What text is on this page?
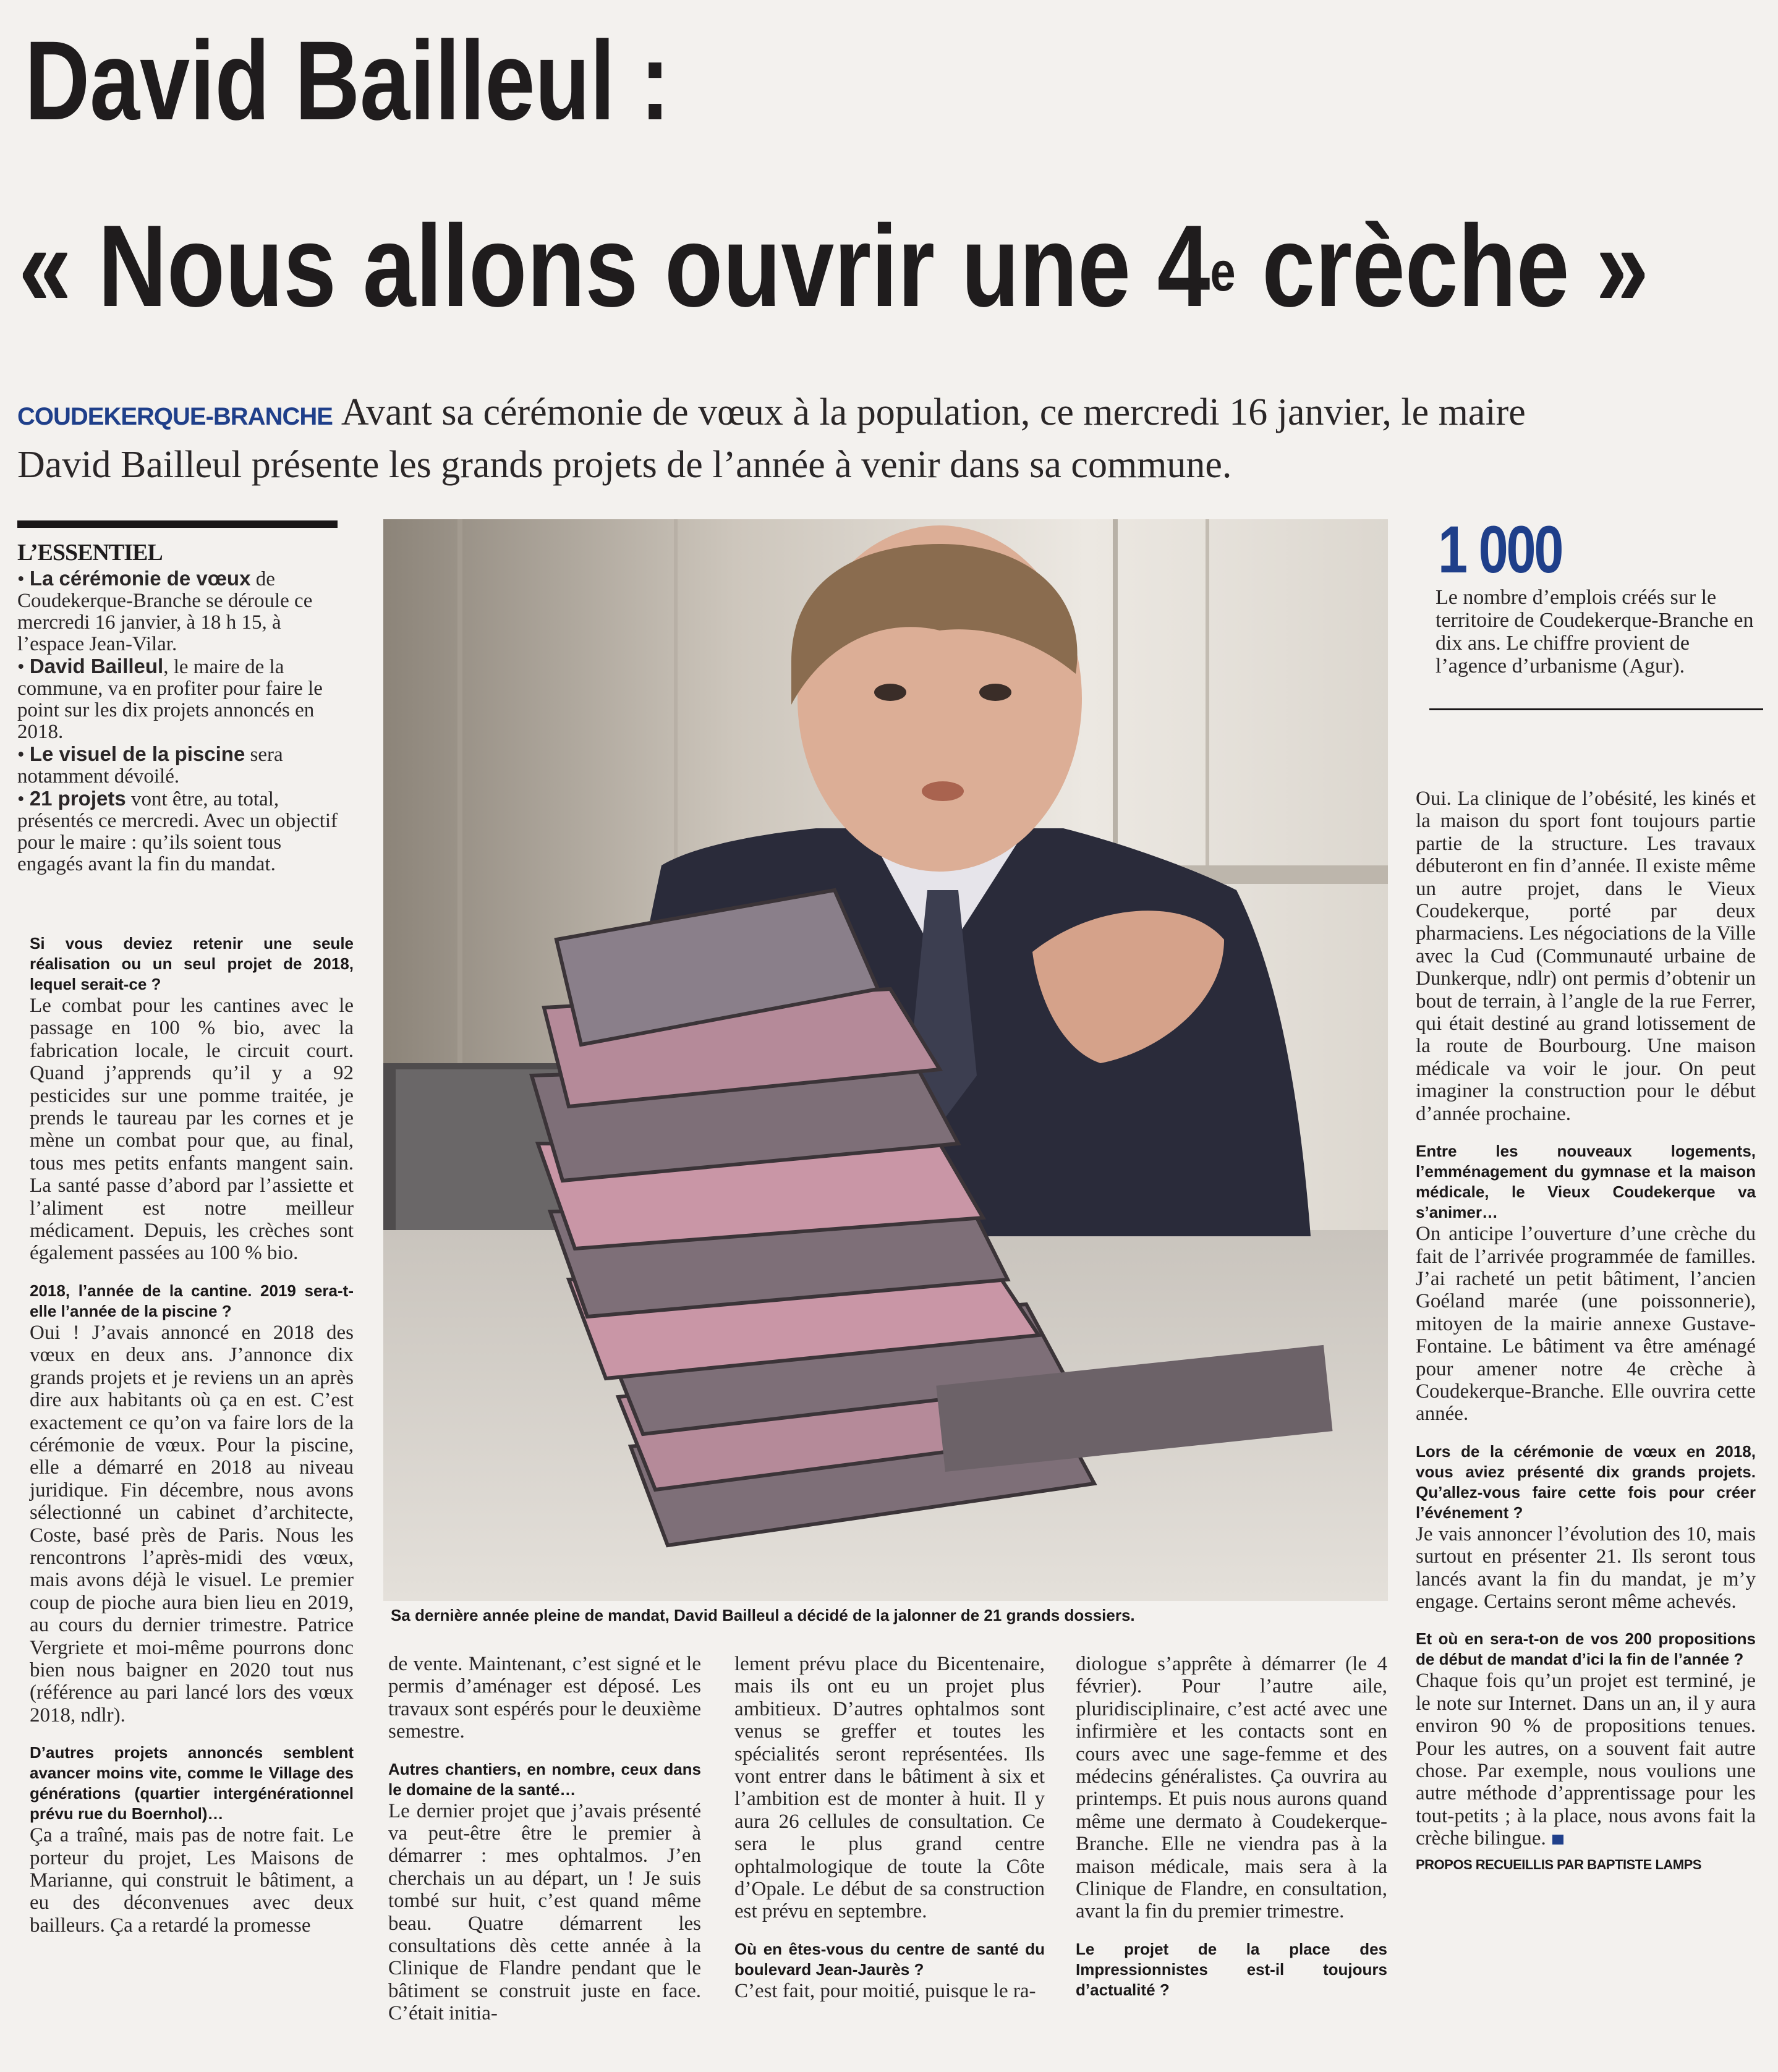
David Bailleul :
« Nous allons ouvrir une 4e crèche »
COUDEKERQUE-BRANCHE Avant sa cérémonie de vœux à la population, ce mercredi 16 janvier, le maire David Bailleul présente les grands projets de l’année à venir dans sa commune.
L’ESSENTIEL

• La cérémonie de vœux de Coudekerque-Branche se déroule ce mercredi 16 janvier, à 18 h 15, à l’espace Jean-Vilar.

• David Bailleul, le maire de la commune, va en profiter pour faire le point sur les dix projets annoncés en 2018.

• Le visuel de la piscine sera notamment dévoilé.

• 21 projets vont être, au total, présentés ce mercredi. Avec un objectif pour le maire : qu’ils soient tous engagés avant la fin du mandat.

Si vous deviez retenir une seule réalisation ou un seul projet de 2018, lequel serait-ce ?

Le combat pour les cantines avec le passage en 100 % bio, avec la fabrication locale, le circuit court. Quand j’apprends qu’il y a 92 pesticides sur une pomme traitée, je prends le taureau par les cornes et je mène un combat pour que, au final, tous mes petits enfants mangent sain. La santé passe d’abord par l’assiette et l’aliment est notre meilleur médicament. Depuis, les crèches sont également passées au 100 % bio.

2018, l’année de la cantine. 2019 sera-t-elle l’année de la piscine ?

Oui ! J’avais annoncé en 2018 des vœux en deux ans. J’annonce dix grands projets et je reviens un an après dire aux habitants où ça en est. C’est exactement ce qu’on va faire lors de la cérémonie de vœux. Pour la piscine, elle a démarré en 2018 au niveau juridique. Fin décembre, nous avons sélectionné un cabinet d’architecte, Coste, basé près de Paris. Nous les rencontrons l’après-midi des vœux, mais avons déjà le visuel. Le premier coup de pioche aura bien lieu en 2019, au cours du dernier trimestre. Patrice Vergriete et moi-même pourrons donc bien nous baigner en 2020 tout nus (référence au pari lancé lors des vœux 2018, ndlr).

D’autres projets annoncés semblent avancer moins vite, comme le Village des générations (quartier intergénérationnel prévu rue du Boernhol)…

Ça a traîné, mais pas de notre fait. Le porteur du projet, Les Maisons de Marianne, qui construit le bâtiment, a eu des déconvenues avec deux bailleurs. Ça a retardé la promesse

Sa dernière année pleine de mandat, David Bailleul a décidé de la jalonner de 21 grands dossiers.

de vente. Maintenant, c’est signé et le permis d’aménager est déposé. Les travaux sont espérés pour le deuxième semestre.

Autres chantiers, en nombre, ceux dans le domaine de la santé…

Le dernier projet que j’avais présenté va peut-être être le premier à démarrer : mes ophtalmos. J’en cherchais un au départ, un ! Je suis tombé sur huit, c’est quand même beau. Quatre démarrent les consultations dès cette année à la Clinique de Flandre pendant que le bâtiment se construit juste en face. C’était initia-

lement prévu place du Bicentenaire, mais ils ont eu un projet plus ambitieux. D’autres ophtalmos sont venus se greffer et toutes les spécialités seront représentées. Ils vont entrer dans le bâtiment à six et l’ambition est de monter à huit. Il y aura 26 cellules de consultation. Ce sera le plus grand centre ophtalmologique de toute la Côte d’Opale. Le début de sa construction est prévu en septembre.

Où en êtes-vous du centre de santé du boulevard Jean-Jaurès ?

C’est fait, pour moitié, puisque le ra-

diologue s’apprête à démarrer (le 4 février). Pour l’autre aile, pluridisciplinaire, c’est acté avec une infirmière et les contacts sont en cours avec une sage-femme et des médecins généralistes. Ça ouvrira au printemps. Et puis nous aurons quand même une dermato à Coudekerque-Branche. Elle ne viendra pas à la maison médicale, mais sera à la Clinique de Flandre, en consultation, avant la fin du premier trimestre.

Le projet de la place des Impressionnistes est-il toujours d’actualité ?

1 000
Le nombre d’emplois créés sur le territoire de Coudekerque-Branche en dix ans. Le chiffre provient de l’agence d’urbanisme (Agur).

Oui. La clinique de l’obésité, les kinés et la maison du sport font toujours partie partie de la structure. Les travaux débuteront en fin d’année. Il existe même un autre projet, dans le Vieux Coudekerque, porté par deux pharmaciens. Les négociations de la Ville avec la Cud (Communauté urbaine de Dunkerque, ndlr) ont permis d’obtenir un bout de terrain, à l’angle de la rue Ferrer, qui était destiné au grand lotissement de la route de Bourbourg. Une maison médicale va voir le jour. On peut imaginer la construction pour le début d’année prochaine.

Entre les nouveaux logements, l’emménagement du gymnase et la maison médicale, le Vieux Coudekerque va s’animer…

On anticipe l’ouverture d’une crèche du fait de l’arrivée programmée de familles. J’ai racheté un petit bâtiment, l’ancien Goéland marée (une poissonnerie), mitoyen de la mairie annexe Gustave-Fontaine. Le bâtiment va être aménagé pour amener notre 4e crèche à Coudekerque-Branche. Elle ouvrira cette année.

Lors de la cérémonie de vœux en 2018, vous aviez présenté dix grands projets. Qu’allez-vous faire cette fois pour créer l’événement ?

Je vais annoncer l’évolution des 10, mais surtout en présenter 21. Ils seront tous lancés avant la fin du mandat, je m’y engage. Certains seront même achevés.

Et où en sera-t-on de vos 200 propositions de début de mandat d’ici la fin de l’année ?

Chaque fois qu’un projet est terminé, je le note sur Internet. Dans un an, il y aura environ 90 % de propositions tenues. Pour les autres, on a souvent fait autre chose. Par exemple, nous voulions une autre méthode d’apprentissage pour les tout-petits ; à la place, nous avons fait la crèche bilingue.

PROPOS RECUEILLIS PAR BAPTISTE LAMPS
